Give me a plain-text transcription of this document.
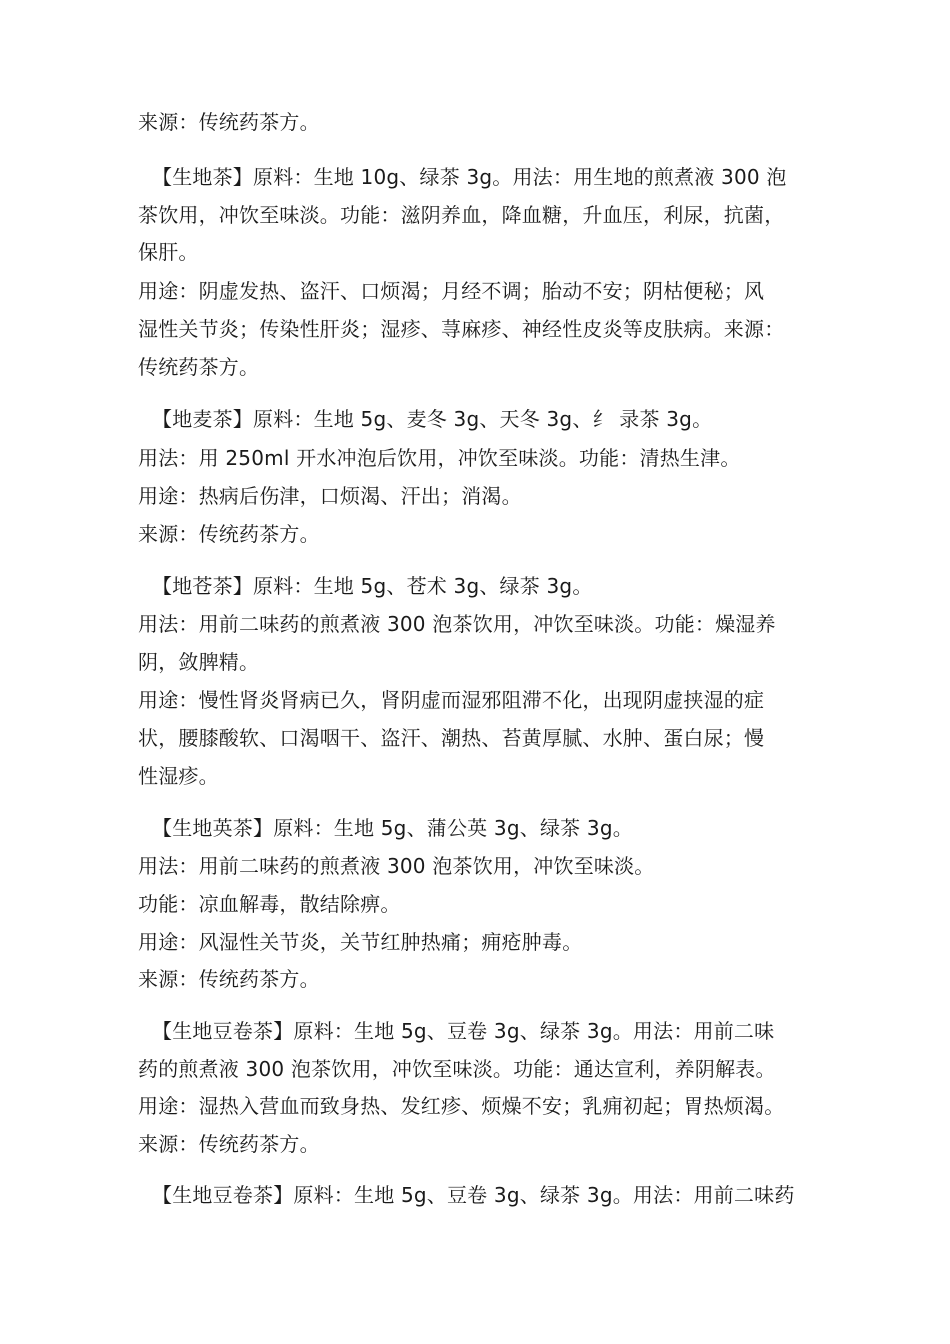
来源：传统药茶方。
【生地茶】原料：生地 10g、绿茶 3g。用法：用生地的煎煮液 300 泡
茶饮用，冲饮至味淡。功能：滋阴养血，降血糖，升血压，利尿，抗菌，
保肝。
用途：阴虚发热、盗汗、口烦渴；月经不调；胎动不安；阴枯便秘；风
湿性关节炎；传染性肝炎；湿疹、荨麻疹、神经性皮炎等皮肤病。来源：
传统药茶方。
【地麦茶】原料：生地 5g、麦冬 3g、天冬 3g、纟 录茶 3g。
用法：用 250ml 开水冲泡后饮用，冲饮至味淡。功能：清热生津。
用途：热病后伤津，口烦渴、汗出；消渴。
来源：传统药茶方。
【地苍茶】原料：生地 5g、苍术 3g、绿茶 3g。
用法：用前二味药的煎煮液 300 泡茶饮用，冲饮至味淡。功能：燥湿养
阴，敛脾精。
用途：慢性肾炎肾病已久，肾阴虚而湿邪阻滞不化，出现阴虚挟湿的症
状，腰膝酸软、口渴咽干、盗汗、潮热、苔黄厚腻、水肿、蛋白尿；慢
性湿疹。
【生地英茶】原料：生地 5g、蒲公英 3g、绿茶 3g。
用法：用前二味药的煎煮液 300 泡茶饮用，冲饮至味淡。
功能：凉血解毒，散结除痹。
用途：风湿性关节炎，关节红肿热痛；痈疮肿毒。
来源：传统药茶方。
【生地豆卷茶】原料：生地 5g、豆卷 3g、绿茶 3g。用法：用前二味
药的煎煮液 300 泡茶饮用，冲饮至味淡。功能：通达宣利，养阴解表。
用途：湿热入营血而致身热、发红疹、烦燥不安；乳痈初起；胃热烦渴。
来源：传统药茶方。
【生地豆卷茶】原料：生地 5g、豆卷 3g、绿茶 3g。用法：用前二味药
